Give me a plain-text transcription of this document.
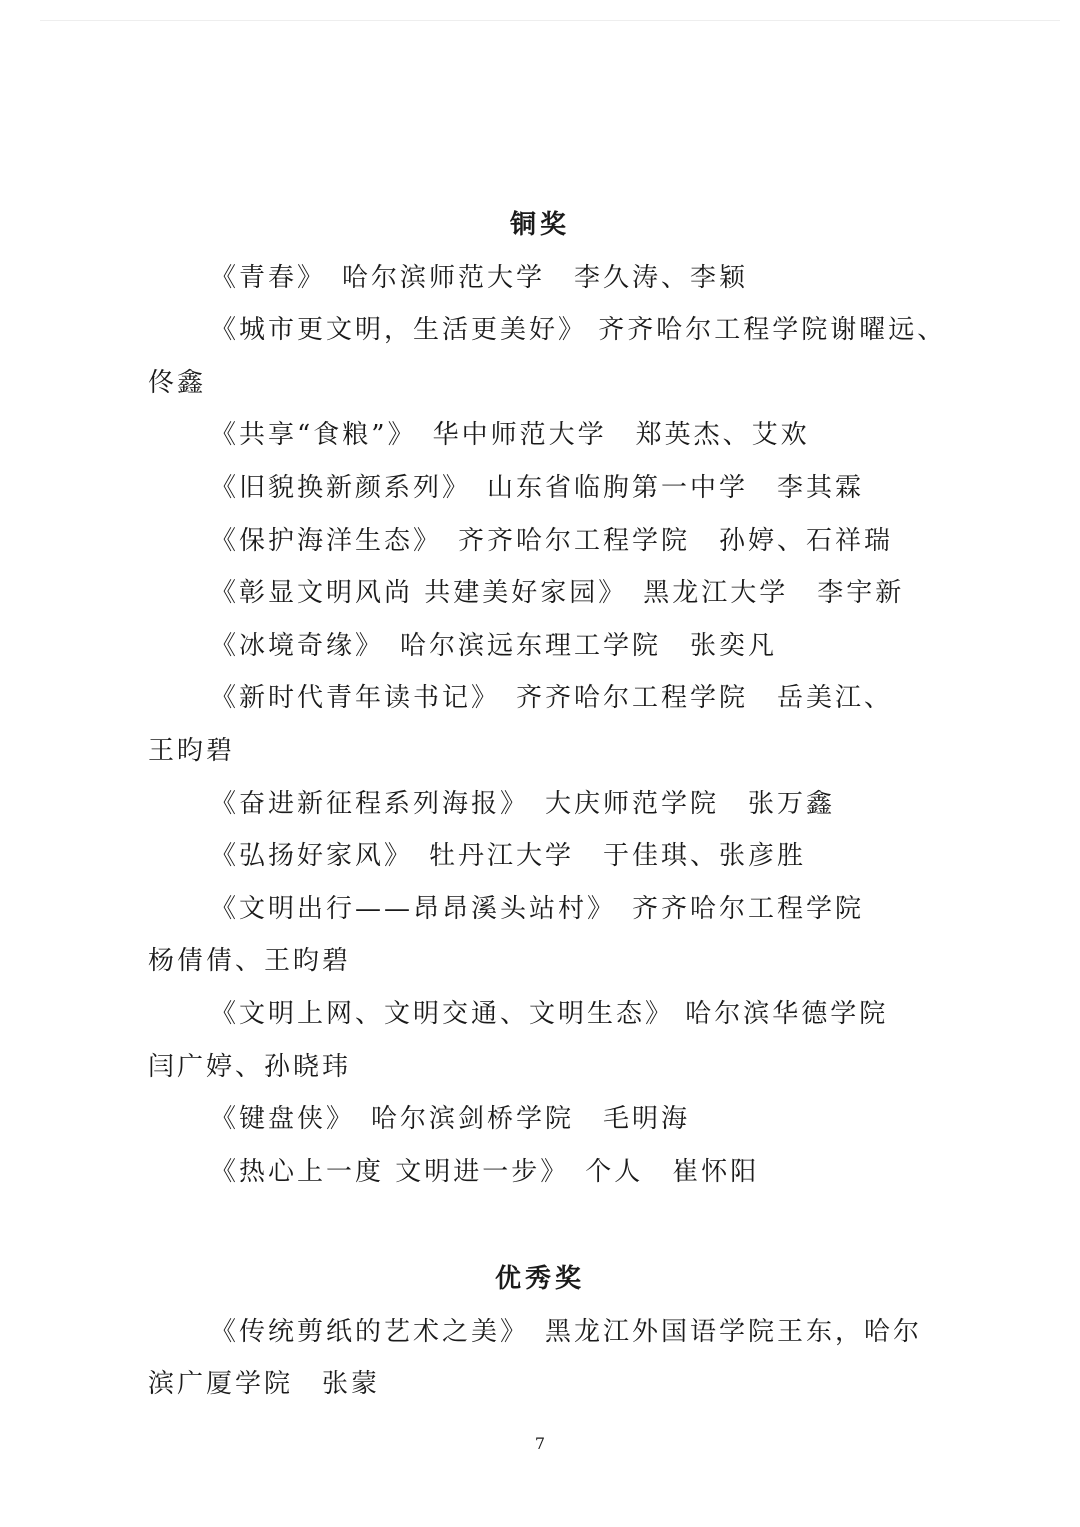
铜奖
《青春》　哈尔滨师范大学　李久涛、李颖
《城市更文明，生活更美好》 齐齐哈尔工程学院谢曜远、
佟鑫
《共享“食粮”》　华中师范大学　郑英杰、艾欢
《旧貌换新颜系列》　山东省临朐第一中学　李其霖
《保护海洋生态》　齐齐哈尔工程学院　孙婷、石祥瑞
《彰显文明风尚 共建美好家园》　黑龙江大学　李宇新
《冰境奇缘》　哈尔滨远东理工学院　张奕凡
《新时代青年读书记》　齐齐哈尔工程学院　岳美江、
王昀碧
《奋进新征程系列海报》　大庆师范学院　张万鑫
《弘扬好家风》　牡丹江大学　于佳琪、张彦胜
《文明出行——昂昂溪头站村》　齐齐哈尔工程学院
杨倩倩、王昀碧
《文明上网、文明交通、文明生态》 哈尔滨华德学院
闫广婷、孙晓玮
《键盘侠》　哈尔滨剑桥学院　毛明海
《热心上一度 文明进一步》　个人　崔怀阳
优秀奖
《传统剪纸的艺术之美》　黑龙江外国语学院王东，哈尔
滨广厦学院　张蒙
7
